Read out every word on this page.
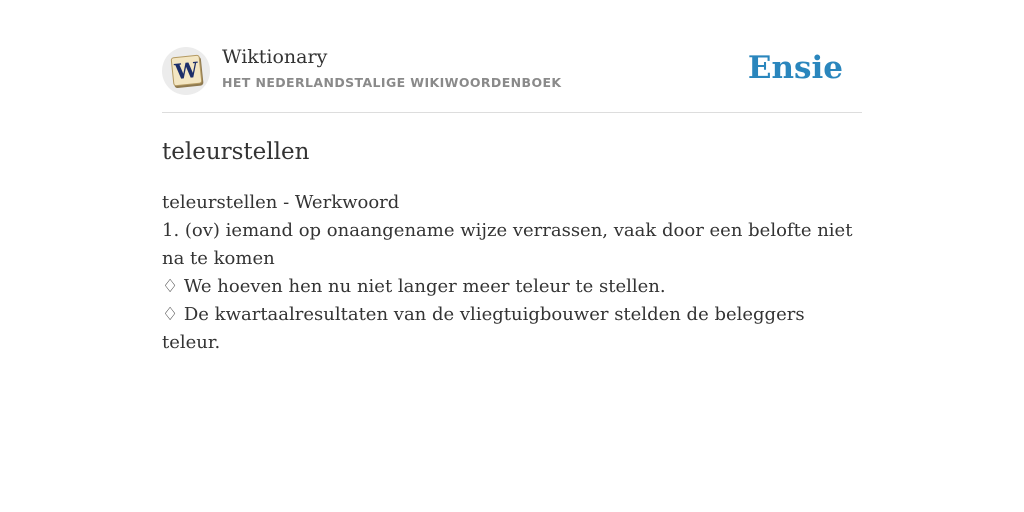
W Wiktionary
HET NEDERLANDSTALIGE WIKIWOORDENBOEK	Ensie
teleurstellen
teleurstellen - Werkwoord
1. (ov) iemand op onaangename wijze verrassen, vaak door een belofte niet na te komen
♢ We hoeven hen nu niet langer meer teleur te stellen.
♢ De kwartaalresultaten van de vliegtuigbouwer stelden de beleggers teleur.
